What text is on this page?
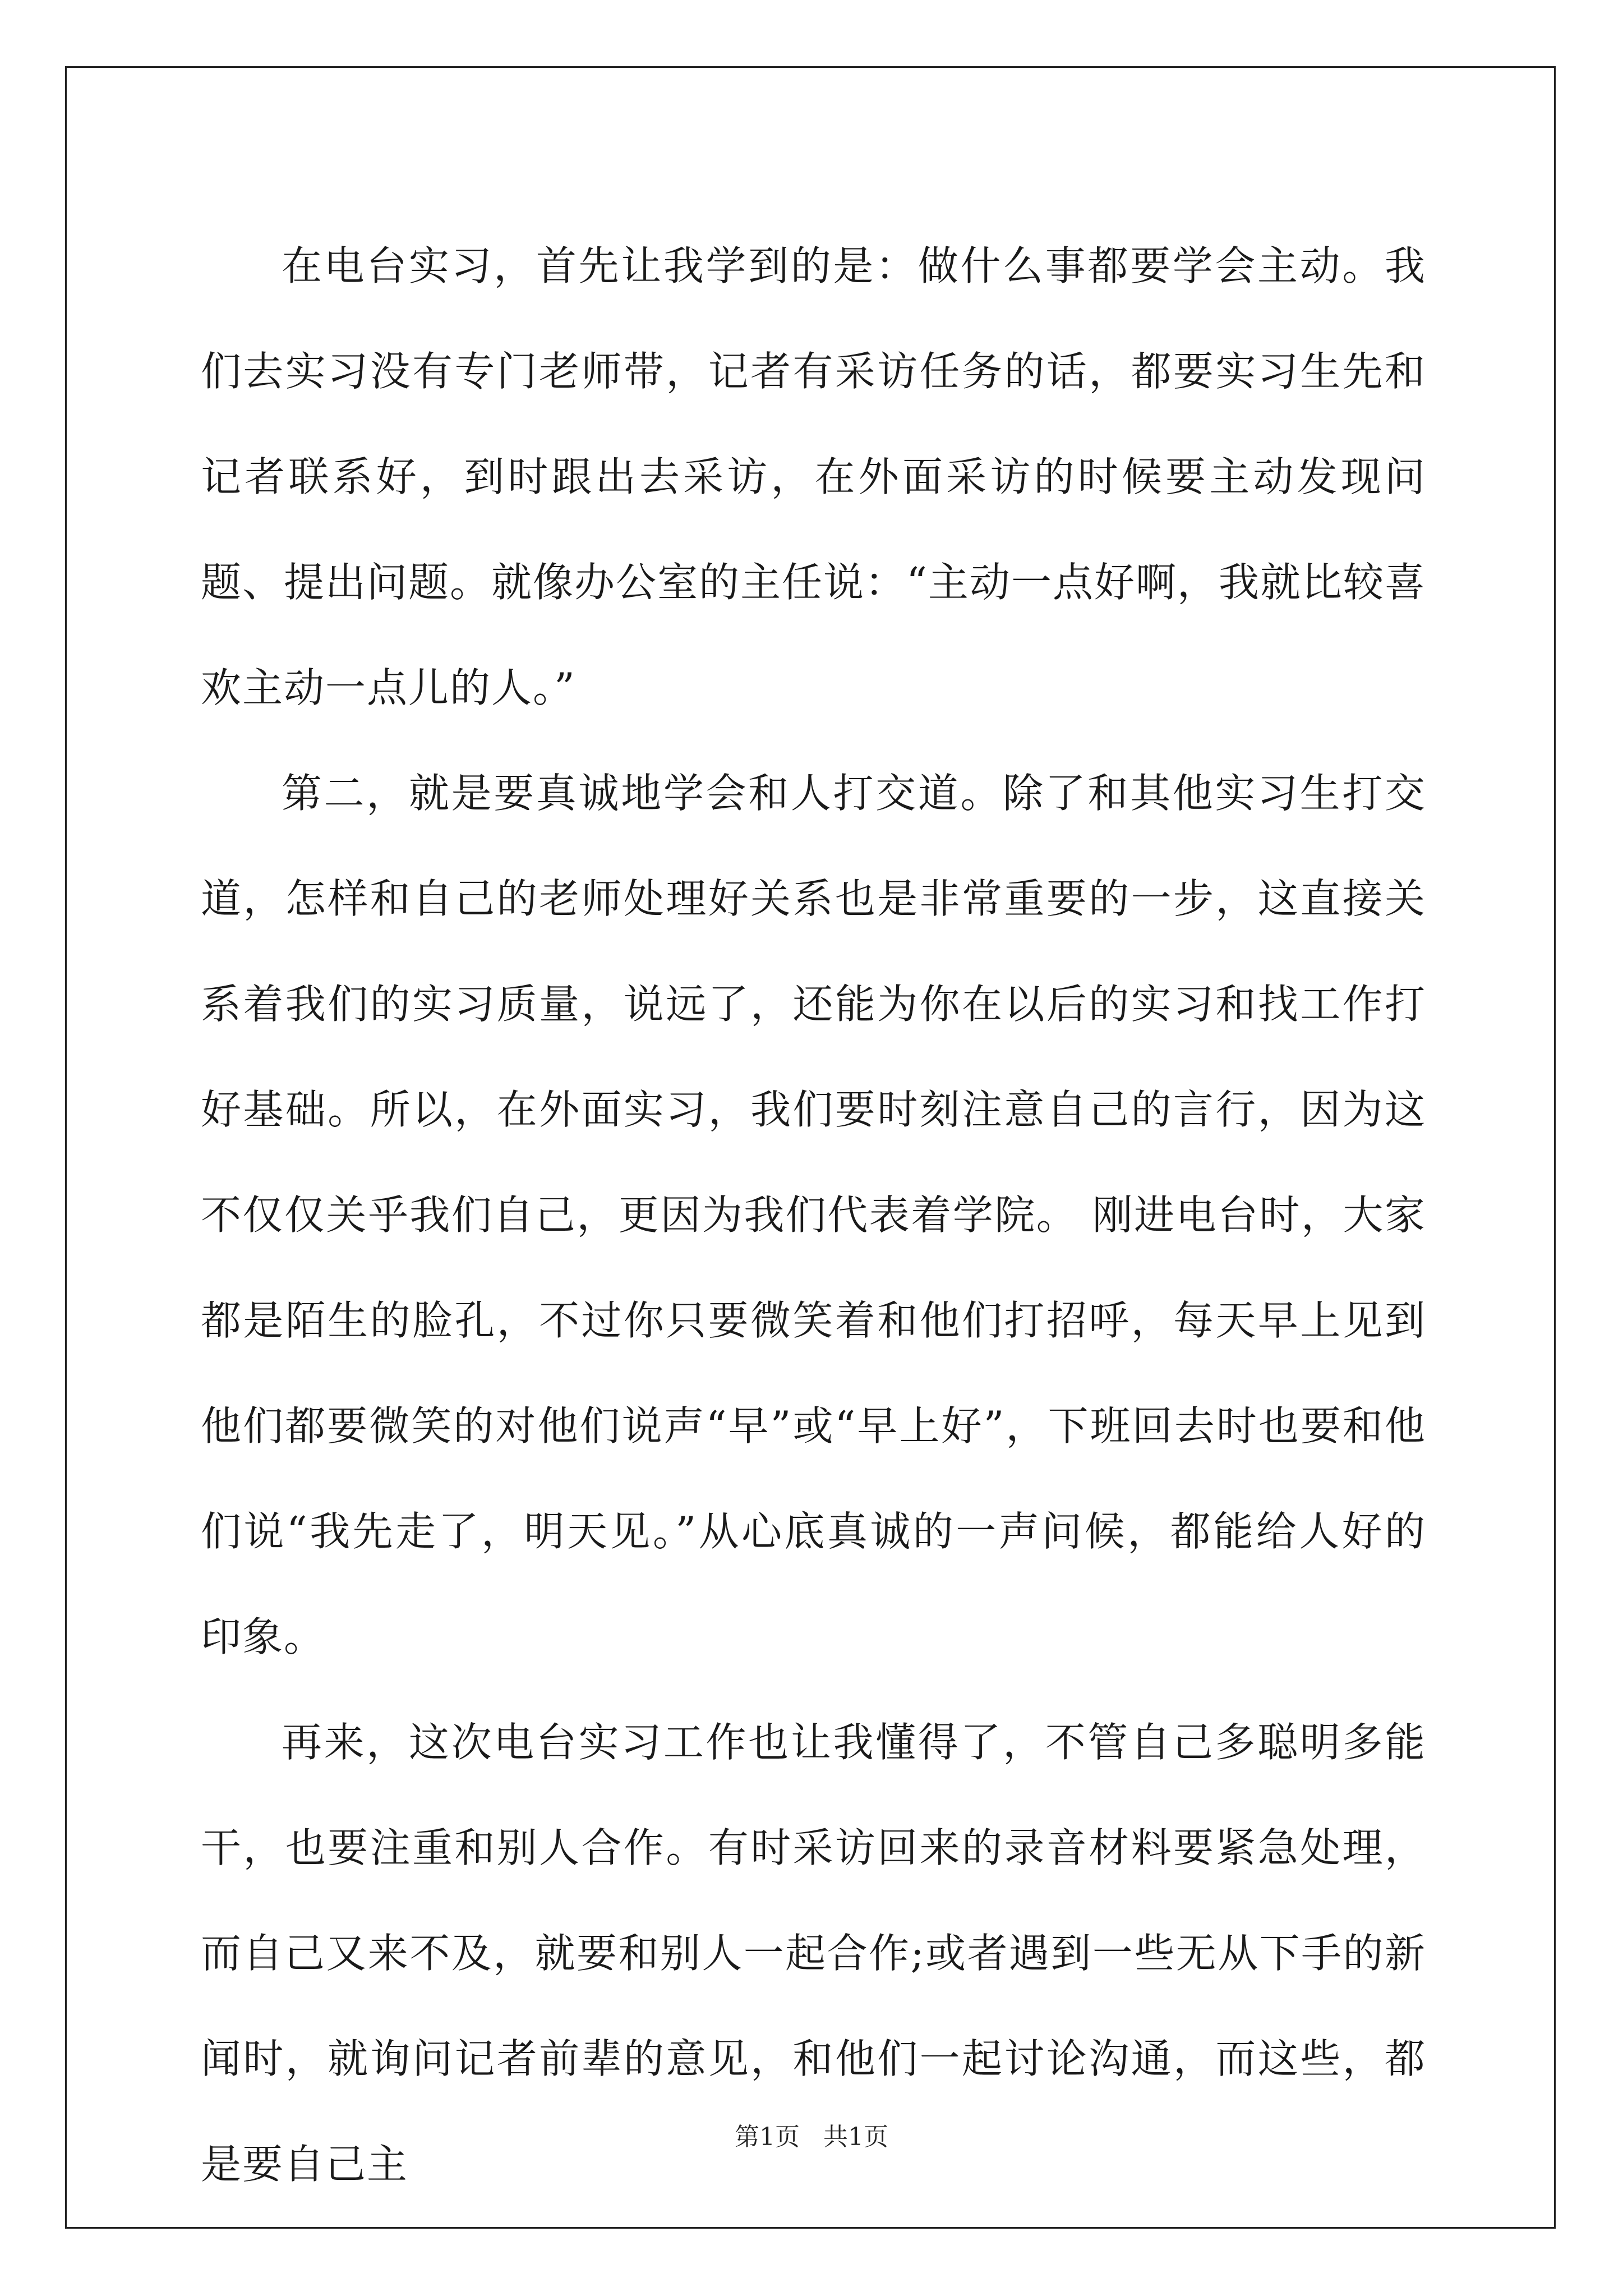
在电台实习，首先让我学到的是：做什么事都要学会主动。我们去实习没有专门老师带，记者有采访任务的话，都要实习生先和记者联系好，到时跟出去采访，在外面采访的时候要主动发现问题、提出问题。就像办公室的主任说：“主动一点好啊，我就比较喜欢主动一点儿的人。”

第二，就是要真诚地学会和人打交道。除了和其他实习生打交道，怎样和自己的老师处理好关系也是非常重要的一步，这直接关系着我们的实习质量，说远了，还能为你在以后的实习和找工作打好基础。所以，在外面实习，我们要时刻注意自己的言行，因为这不仅仅关乎我们自己，更因为我们代表着学院。 刚进电台时，大家都是陌生的脸孔，不过你只要微笑着和他们打招呼，每天早上见到他们都要微笑的对他们说声“早”或“早上好”，下班回去时也要和他们说“我先走了，明天见。”从心底真诚的一声问候，都能给人好的印象。

再来，这次电台实习工作也让我懂得了，不管自己多聪明多能干，也要注重和别人合作。有时采访回来的录音材料要紧急处理，而自己又来不及，就要和别人一起合作;或者遇到一些无从下手的新闻时，就询问记者前辈的意见，和他们一起讨论沟通，而这些，都是要自己主

第1页   共1页
